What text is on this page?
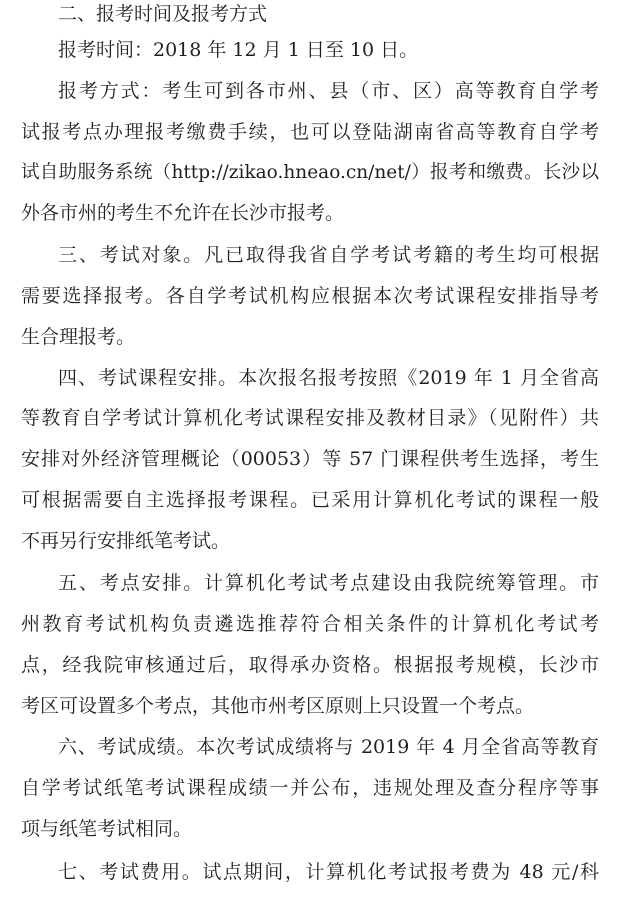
二、报考时间及报考方式
报考时间：2018 年 12 月 1 日至 10 日。
报考方式：考生可到各市州、县（市、区）高等教育自学考
试报考点办理报考缴费手续，也可以登陆湖南省高等教育自学考
试自助服务系统（http://zikao.hneao.cn/net/）报考和缴费。长沙以
外各市州的考生不允许在长沙市报考。
三、考试对象。凡已取得我省自学考试考籍的考生均可根据
需要选择报考。各自学考试机构应根据本次考试课程安排指导考
生合理报考。
四、考试课程安排。本次报名报考按照《2019 年 1 月全省高
等教育自学考试计算机化考试课程安排及教材目录》（见附件）共
安排对外经济管理概论（00053）等 57 门课程供考生选择，考生
可根据需要自主选择报考课程。已采用计算机化考试的课程一般
不再另行安排纸笔考试。
五、考点安排。计算机化考试考点建设由我院统筹管理。市
州教育考试机构负责遴选推荐符合相关条件的计算机化考试考
点，经我院审核通过后，取得承办资格。根据报考规模，长沙市
考区可设置多个考点，其他市州考区原则上只设置一个考点。
六、考试成绩。本次考试成绩将与 2019 年 4 月全省高等教育
自学考试纸笔考试课程成绩一并公布，违规处理及查分程序等事
项与纸笔考试相同。
七、考试费用。试点期间，计算机化考试报考费为 48 元/科
